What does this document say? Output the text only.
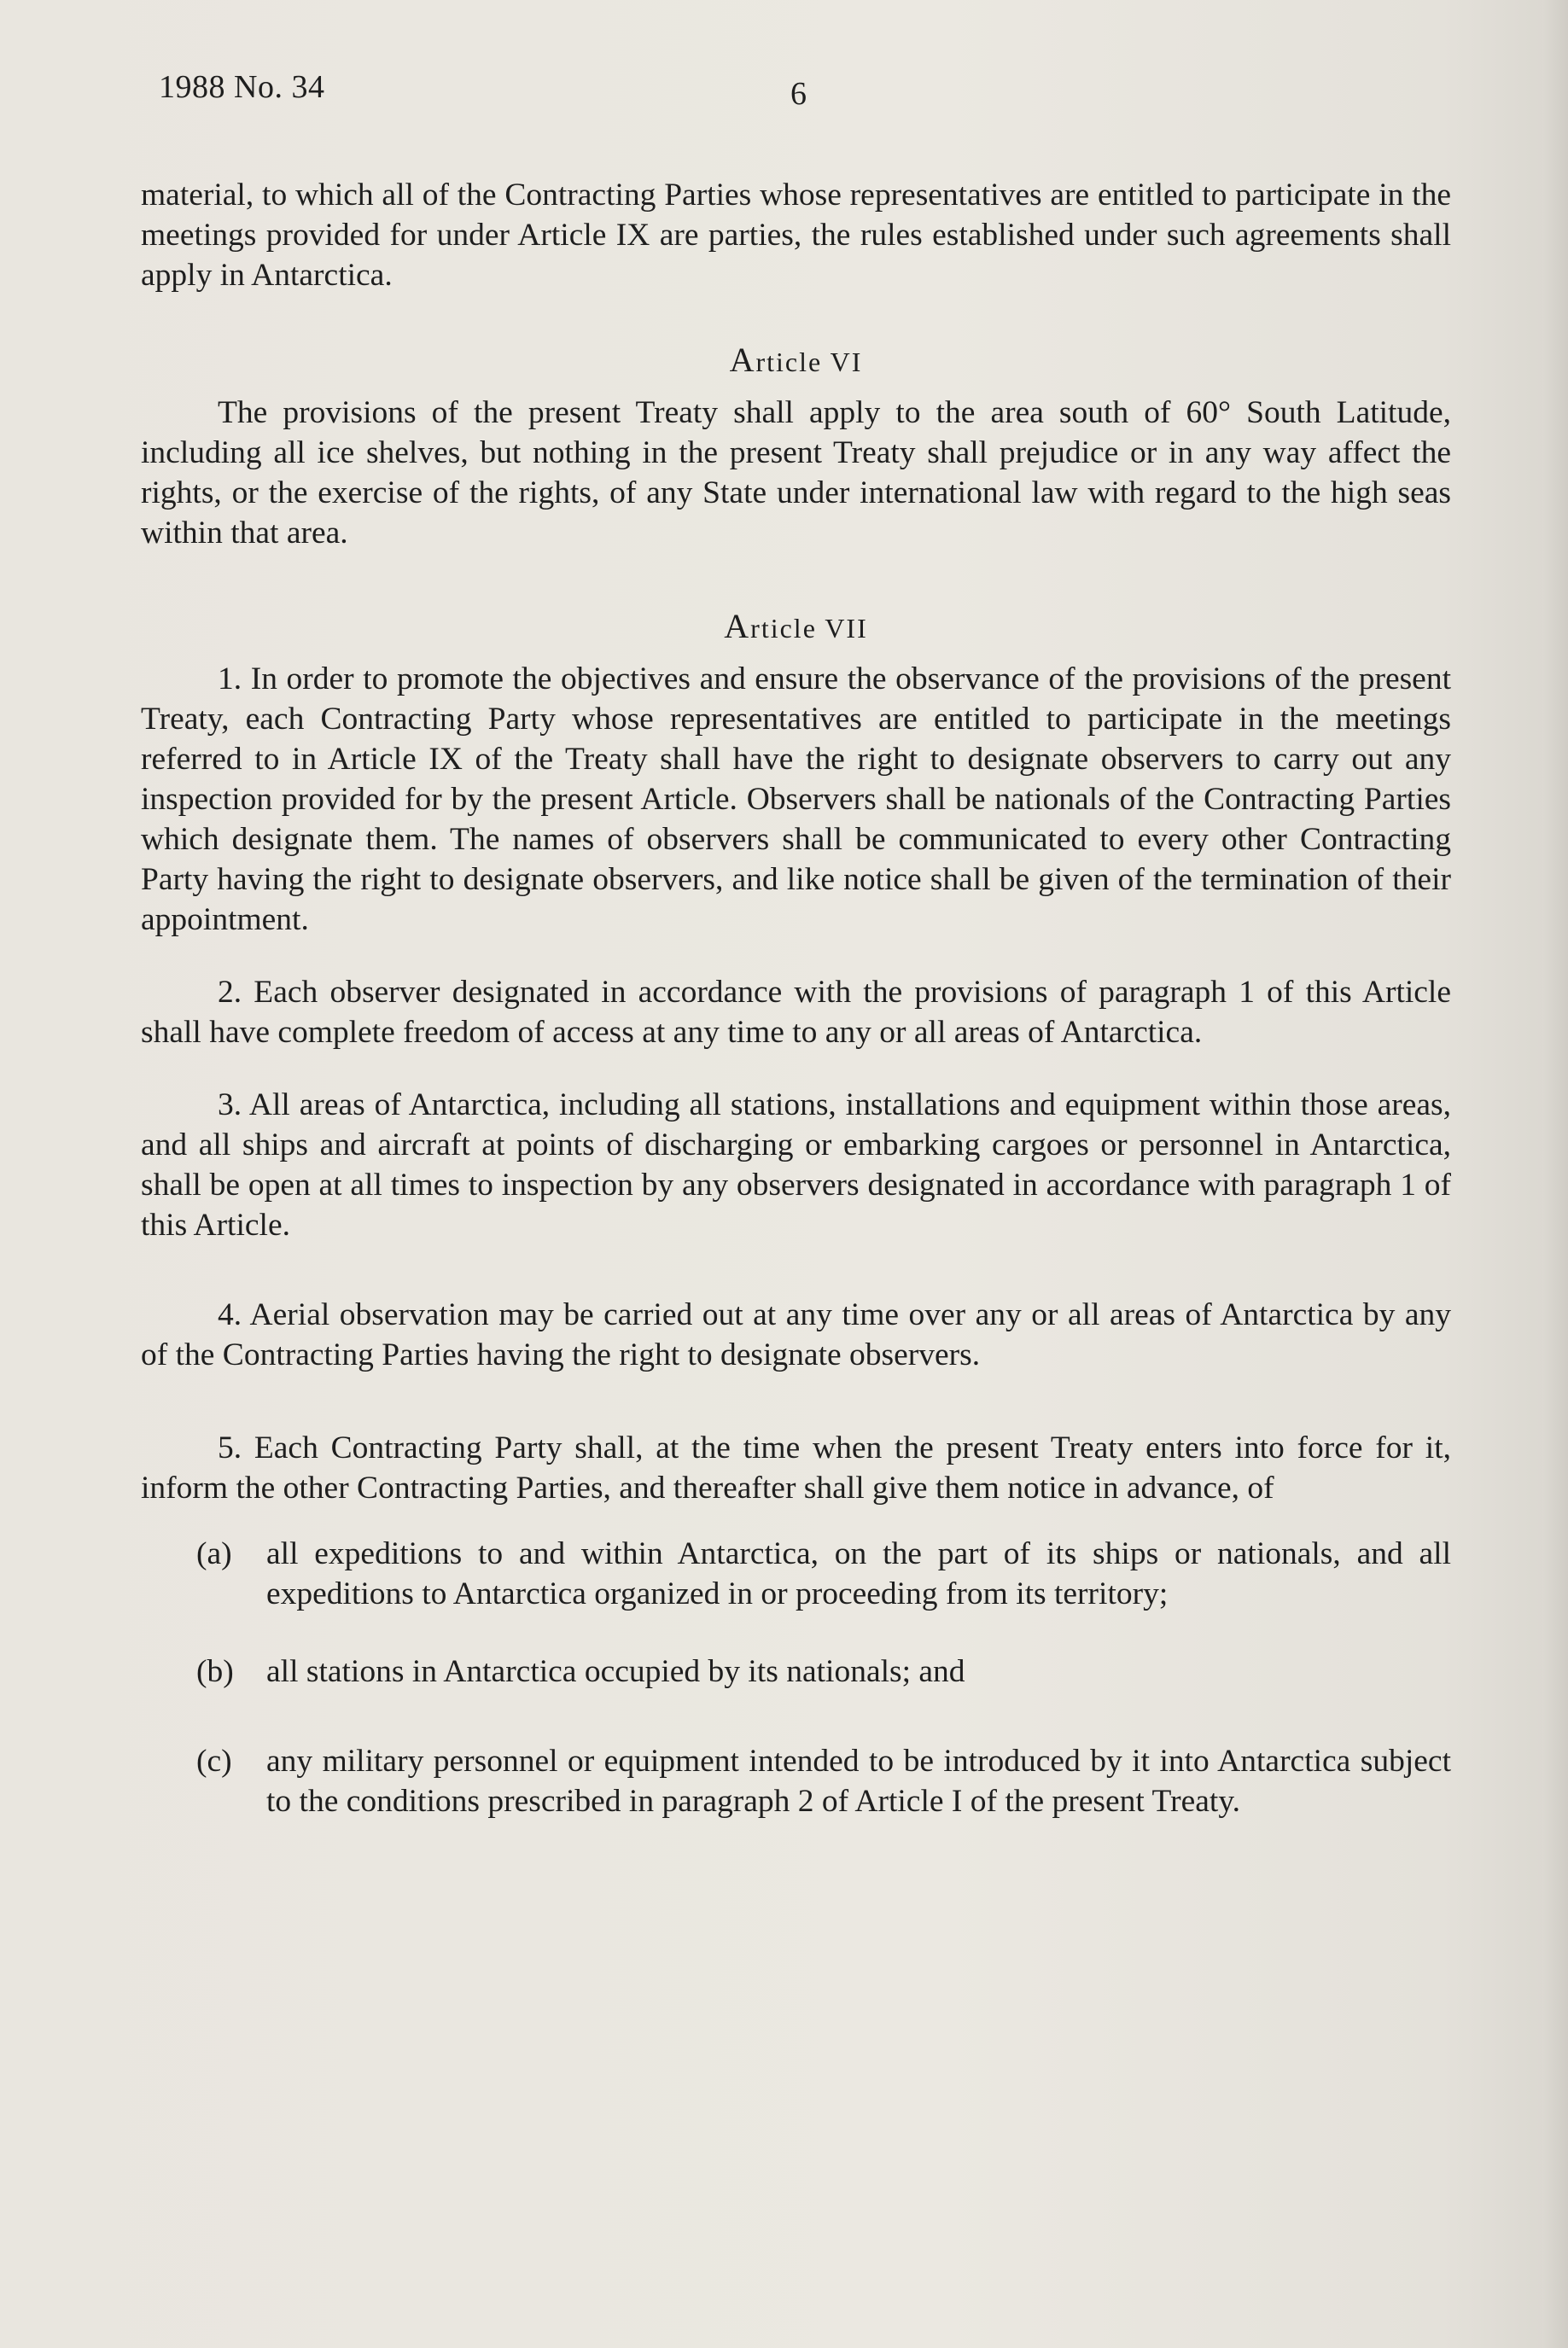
1988 No. 34	6

material, to which all of the Contracting Parties whose representatives are entitled to participate in the meetings provided for under Article IX are parties, the rules established under such agreements shall apply in Antarctica.

Article VI

The provisions of the present Treaty shall apply to the area south of 60° South Latitude, including all ice shelves, but nothing in the present Treaty shall prejudice or in any way affect the rights, or the exercise of the rights, of any State under international law with regard to the high seas within that area.

Article VII

1. In order to promote the objectives and ensure the observance of the provisions of the present Treaty, each Contracting Party whose representatives are entitled to participate in the meetings referred to in Article IX of the Treaty shall have the right to designate observers to carry out any inspection provided for by the present Article. Observers shall be nationals of the Contracting Parties which designate them. The names of observers shall be communicated to every other Contracting Party having the right to designate observers, and like notice shall be given of the termination of their appointment.

2. Each observer designated in accordance with the provisions of paragraph 1 of this Article shall have complete freedom of access at any time to any or all areas of Antarctica.

3. All areas of Antarctica, including all stations, installations and equipment within those areas, and all ships and aircraft at points of discharging or embarking cargoes or personnel in Antarctica, shall be open at all times to inspection by any observers designated in accordance with paragraph 1 of this Article.

4. Aerial observation may be carried out at any time over any or all areas of Antarctica by any of the Contracting Parties having the right to designate observers.

5. Each Contracting Party shall, at the time when the present Treaty enters into force for it, inform the other Contracting Parties, and thereafter shall give them notice in advance, of

(a)	all expeditions to and within Antarctica, on the part of its ships or nationals, and all expeditions to Antarctica organized in or proceeding from its territory;
(b)	all stations in Antarctica occupied by its nationals; and
(c)	any military personnel or equipment intended to be introduced by it into Antarctica subject to the conditions prescribed in paragraph 2 of Article I of the present Treaty.
